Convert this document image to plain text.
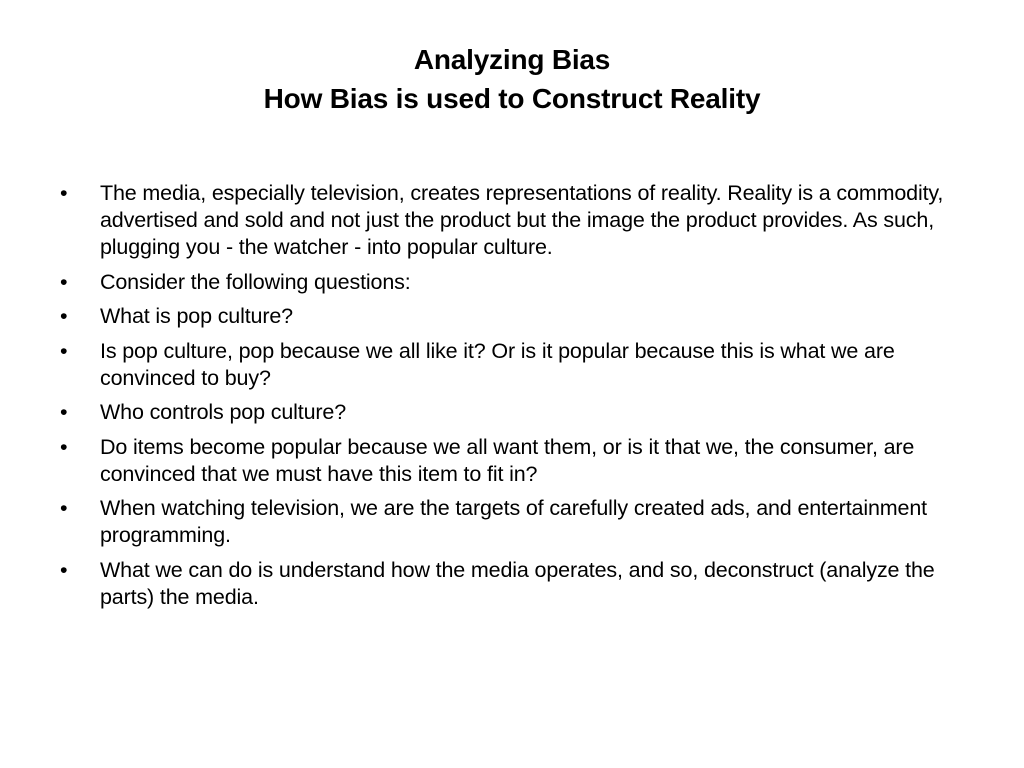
Analyzing Bias
How Bias is used to Construct Reality
•	The media, especially television, creates representations of reality. Reality is a commodity, advertised and sold and not just the product but the image the product provides. As such, plugging you - the watcher - into popular culture.
•	Consider the following questions:
•	What is pop culture?
•	Is pop culture, pop because we all like it? Or is it popular because this is what we are convinced to buy?
•	Who controls pop culture?
•	Do items become popular because we all want them, or is it that we, the consumer, are convinced that we must have this item to fit in?
•	When watching television, we are the targets of carefully created ads, and entertainment programming.
•	What we can do is understand how the media operates, and so, deconstruct (analyze the parts) the media.
